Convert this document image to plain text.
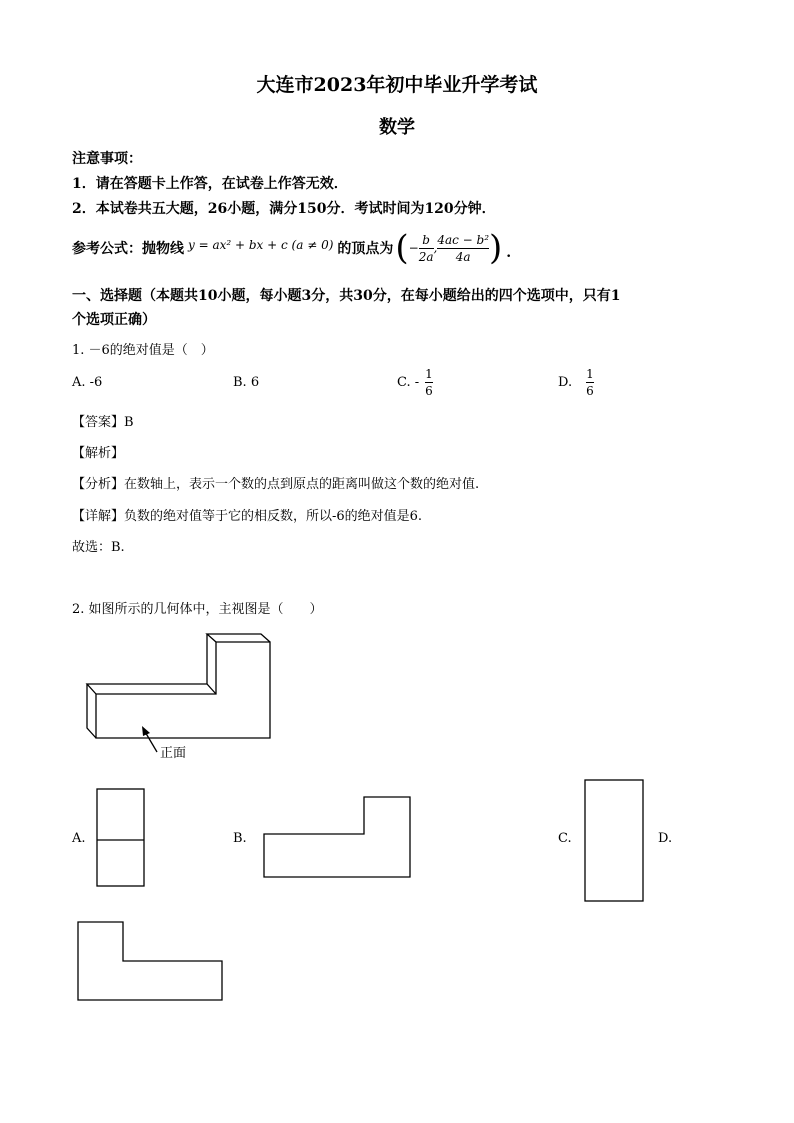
大连市2023年初中毕业升学考试
数学
注意事项：
1．请在答题卡上作答，在试卷上作答无效．
2．本试卷共五大题，26小题，满分150分．考试时间为120分钟．
参考公式：抛物线 y = ax² + bx + c (a ≠ 0) 的顶点为 ( − $\frac{b}{2a}$ , $\frac{\text{4ac − b²}}{4a}$ ) .
一、选择题（本题共10小题，每小题3分，共30分，在每小题给出的四个选项中，只有1
个选项正确）
1. －6的绝对值是（　）
A. -6	B. 6	C. - $\frac{1}{6}$	D. $\frac{1}{6}$
【答案】B
【解析】
【分析】在数轴上，表示一个数的点到原点的距离叫做这个数的绝对值.
【详解】负数的绝对值等于它的相反数，所以-6的绝对值是6.
故选：B.
2. 如图所示的几何体中，主视图是（　　）
正面
A.	B.	C.	D.
